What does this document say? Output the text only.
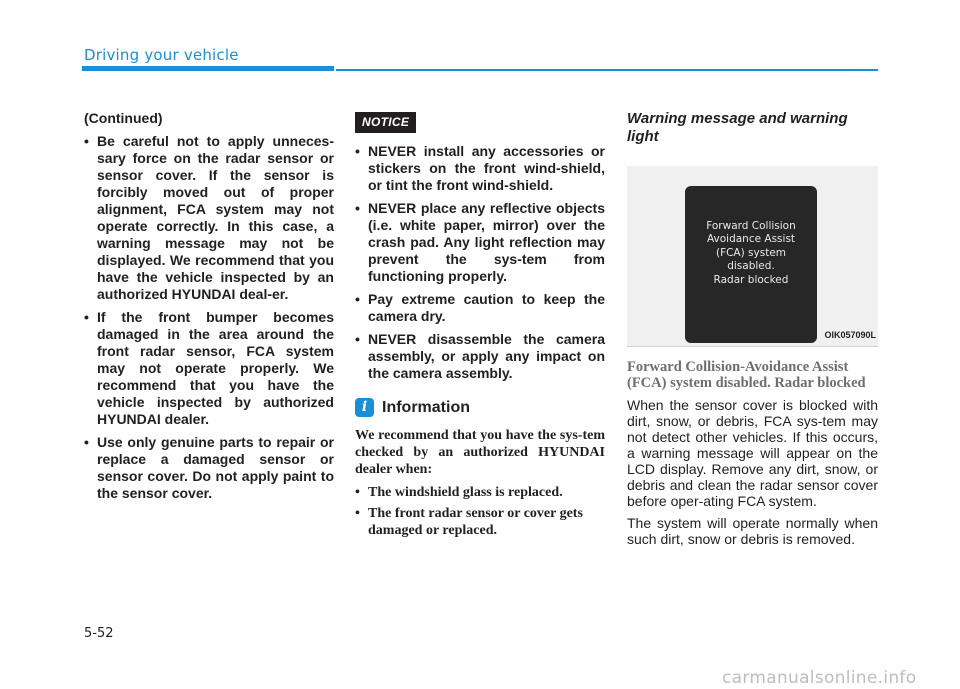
Driving your vehicle
(Continued)
• Be careful not to apply unneces-sary force on the radar sensor or sensor cover. If the sensor is forcibly moved out of proper alignment, FCA system may not operate correctly. In this case, a warning message may not be displayed. We recommend that you have the vehicle inspected by an authorized HYUNDAI deal-er.
• If the front bumper becomes damaged in the area around the front radar sensor, FCA system may not operate properly. We recommend that you have the vehicle inspected by authorized HYUNDAI dealer.
• Use only genuine parts to repair or replace a damaged sensor or sensor cover. Do not apply paint to the sensor cover.
NOTICE
• NEVER install any accessories or stickers on the front wind-shield, or tint the front wind-shield.
• NEVER place any reflective objects (i.e. white paper, mirror) over the crash pad. Any light reflection may prevent the sys-tem from functioning properly.
• Pay extreme caution to keep the camera dry.
• NEVER disassemble the camera assembly, or apply any impact on the camera assembly.
i Information

We recommend that you have the sys-tem checked by an authorized HYUNDAI dealer when:

• The windshield glass is replaced.
• The front radar sensor or cover gets damaged or replaced.
Warning message and warning light
Forward Collision
Avoidance Assist
(FCA) system
disabled.
Radar blocked
OIK057090L
Forward Collision-Avoidance Assist (FCA) system disabled. Radar blocked

When the sensor cover is blocked with dirt, snow, or debris, FCA sys-tem may not detect other vehicles. If this occurs, a warning message will appear on the LCD display. Remove any dirt, snow, or debris and clean the radar sensor cover before oper-ating FCA system.

The system will operate normally when such dirt, snow or debris is removed.

5-52
carmanualsonline.info
